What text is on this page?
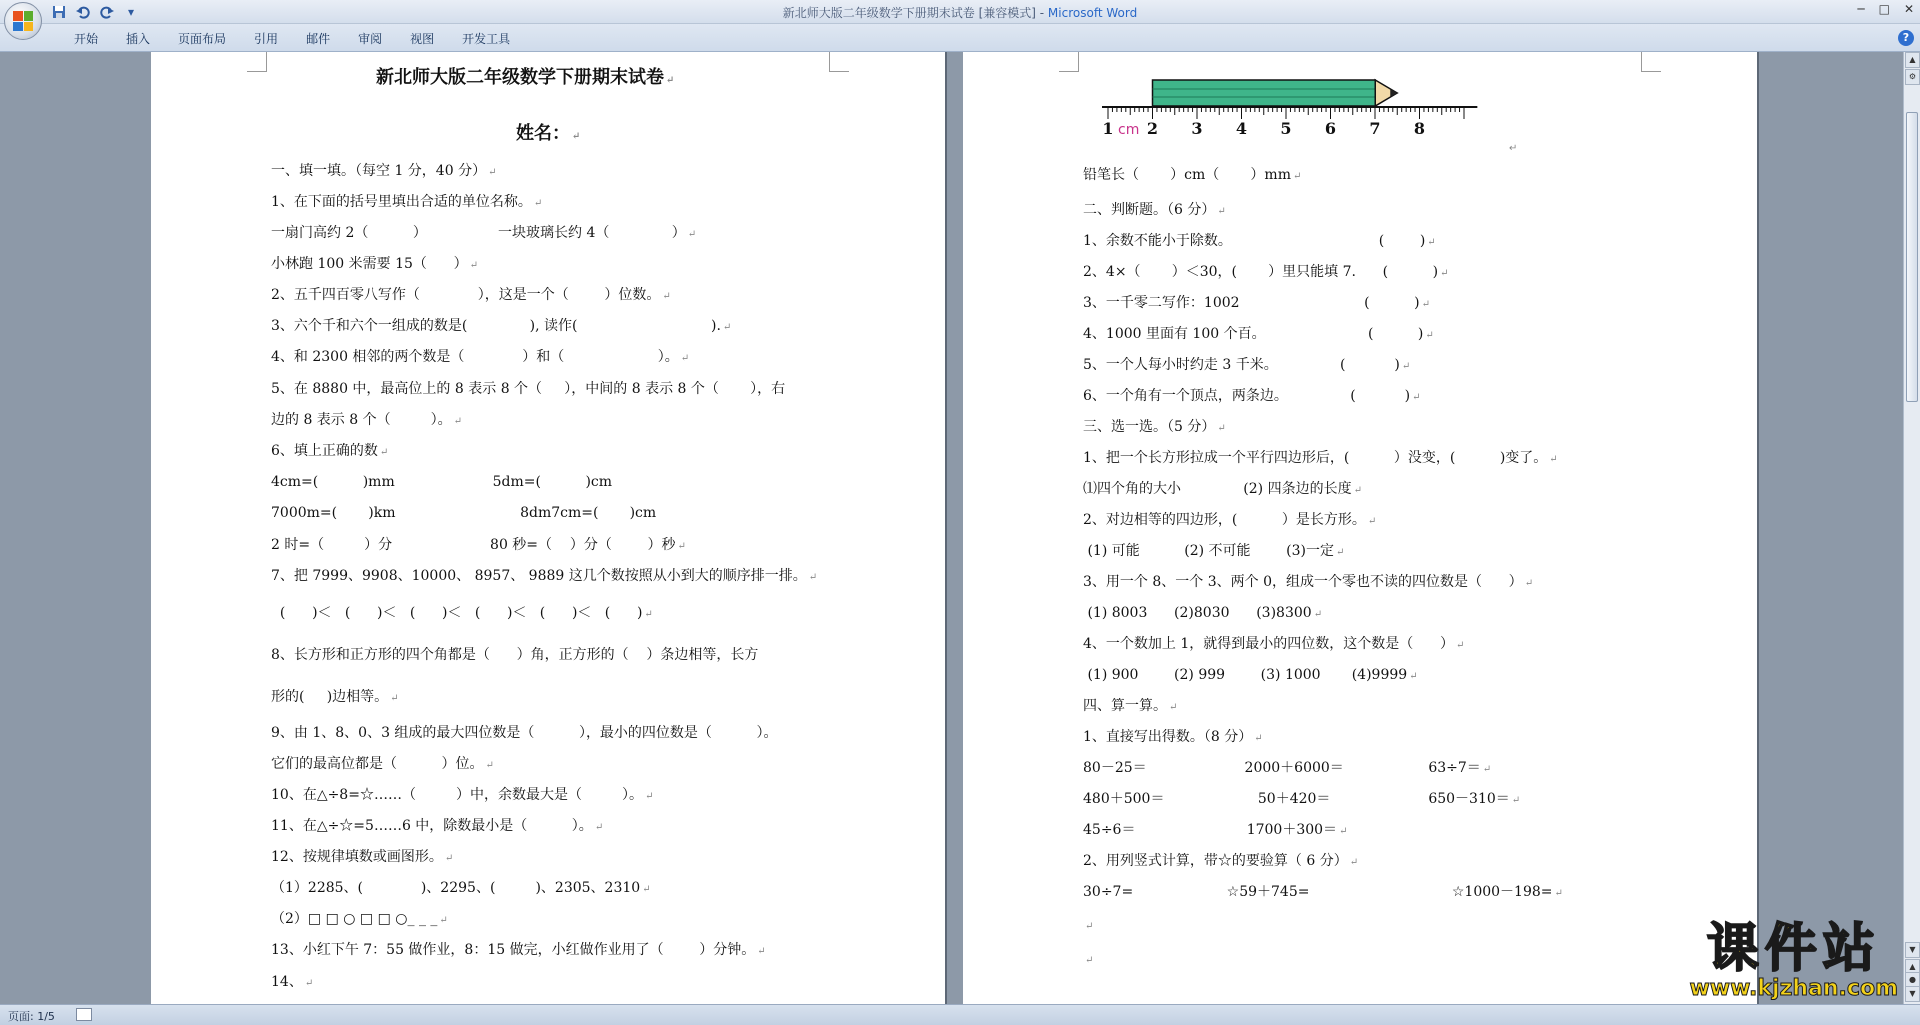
▾	新北师大版二年级数学下册期末试卷 [兼容模式] - Microsoft Word	─ □ ✕
开始	插入	页面布局	引用	邮件	审阅	视图	开发工具	?
新北师大版二年级数学下册期末试卷 ↵
姓名： ↵
一、填一填。（每空 1 分，40 分） ↵
1、在下面的括号里填出合适的单位名称。 ↵
一扇门高约 2（          ）                一块玻璃长约 4（              ） ↵
小林跑 100 米需要 15（      ） ↵
2、五千四百零八写作（             ），这是一个（        ）位数。 ↵
3、六个千和六个一组成的数是(              ), 读作(                              ). ↵
4、和 2300 相邻的两个数是（             ）和（                     ）。 ↵
5、在 8880 中，最高位上的 8 表示 8 个（     ），中间的 8 表示 8 个（       ），右
边的 8 表示 8 个（         ）。 ↵
6、填上正确的数 ↵
4cm=(          )mm                      5dm=(          )cm
7000m=(       )km                            8dm7cm=(       )cm
2 时=（         ）分                      80 秒=（    ）分（        ）秒 ↵
7、把 7999、9908、10000、 8957、 9889 这几个数按照从小到大的顺序排一排。 ↵
(      )＜   (      )＜   (      )＜   (      )＜   (      )＜   (      ) ↵
8、长方形和正方形的四个角都是（      ）角，正方形的（    ）条边相等，长方
形的(     )边相等。 ↵
9、由 1、8、0、3 组成的最大四位数是（          ），最小的四位数是（          ）。
它们的最高位都是（          ）位。 ↵
10、在△÷8=☆……（         ）中，余数最大是（         ）。 ↵
11、在△÷☆=5……6 中，除数最小是（          ）。 ↵
12、按规律填数或画图形。 ↵
（1）2285、(             )、2295、(         )、2305、2310 ↵
（2）□ □ ○ □ □ ○_ _ _ ↵
13、小红下午 7：55 做作业，8：15 做完，小红做作业用了（        ）分钟。 ↵
14、 ↵
1 2 3 4 5 6 7 8
cm
↵
铅笔长（       ）cm（       ）mm ↵
二、判断题。（6 分） ↵
1、余数不能小于除数。                                 (        ) ↵
2、4×（       ）＜30，(       ）里只能填 7.      (          ) ↵
3、一千零二写作：1002                            (          ) ↵
4、1000 里面有 100 个百。                       (          ) ↵
5、一个人每小时约走 3 千米。              (           ) ↵
6、一个角有一个顶点，两条边。              (           ) ↵
三、选一选。（5 分） ↵
1、把一个长方形拉成一个平行四边形后，(          ）没变，(          )变了。 ↵
⑴四个角的大小              (2) 四条边的长度 ↵
2、对边相等的四边形，(          ）是长方形。 ↵
(1) 可能          (2) 不可能        (3)一定 ↵
3、用一个 8、一个 3、两个 0，组成一个零也不读的四位数是（      ） ↵
(1) 8003      (2)8030      (3)8300 ↵
4、一个数加上 1，就得到最小的四位数，这个数是（      ） ↵
(1) 900        (2) 999        (3) 1000       (4)9999 ↵
四、算一算。 ↵
1、直接写出得数。（8 分） ↵
80－25＝                      2000＋6000＝                   63÷7＝ ↵
480＋500＝                     50＋420＝                      650－310＝ ↵
45÷6＝                         1700＋300＝ ↵
2、用列竖式计算，带☆的要验算（ 6 分） ↵
30÷7=                     ☆59＋745=                                ☆1000－198= ↵
↵
↵
▲
⚙
▼
▲
●
▼
页面: 1/5
课件站
www.kjzhan.com
